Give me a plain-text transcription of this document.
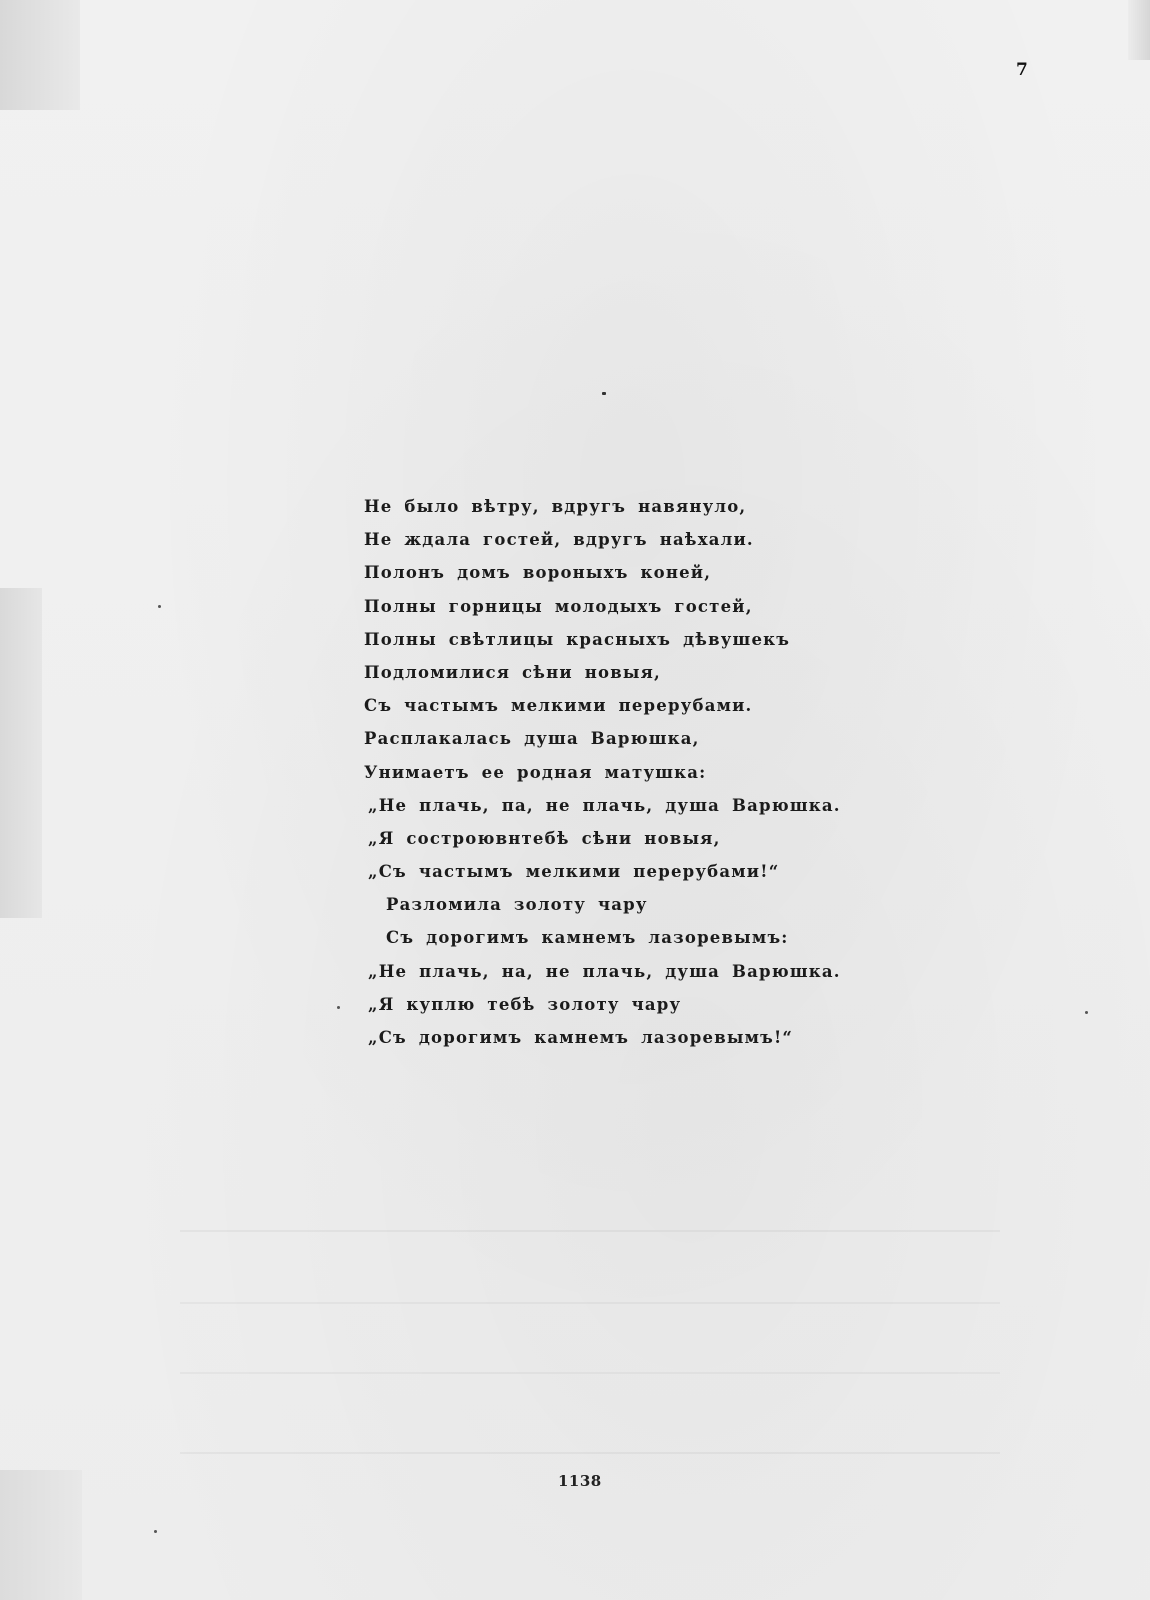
7
Не было вѣтру, вдругъ навянуло,
Не ждала гостей, вдругъ наѣхали.
Полонъ домъ вороныхъ коней,
Полны горницы молодыхъ гостей,
Полны свѣтлицы красныхъ дѣвушекъ
Подломилися сѣни новыя,
Съ частымъ мелкими перерубами.
Расплакалась душа Варюшка,
Унимаетъ ее родная матушка:
„Не плачь, па, не плачь, душа Варюшка.
„Я состроювнтебѣ сѣни новыя,
„Съ частымъ мелкими перерубами!“
Разломила золоту чару
Съ дорогимъ камнемъ лазоревымъ:
„Не плачь, на, не плачь, душа Варюшка.
„Я куплю тебѣ золоту чару
„Съ дорогимъ камнемъ лазоревымъ!“
1138
